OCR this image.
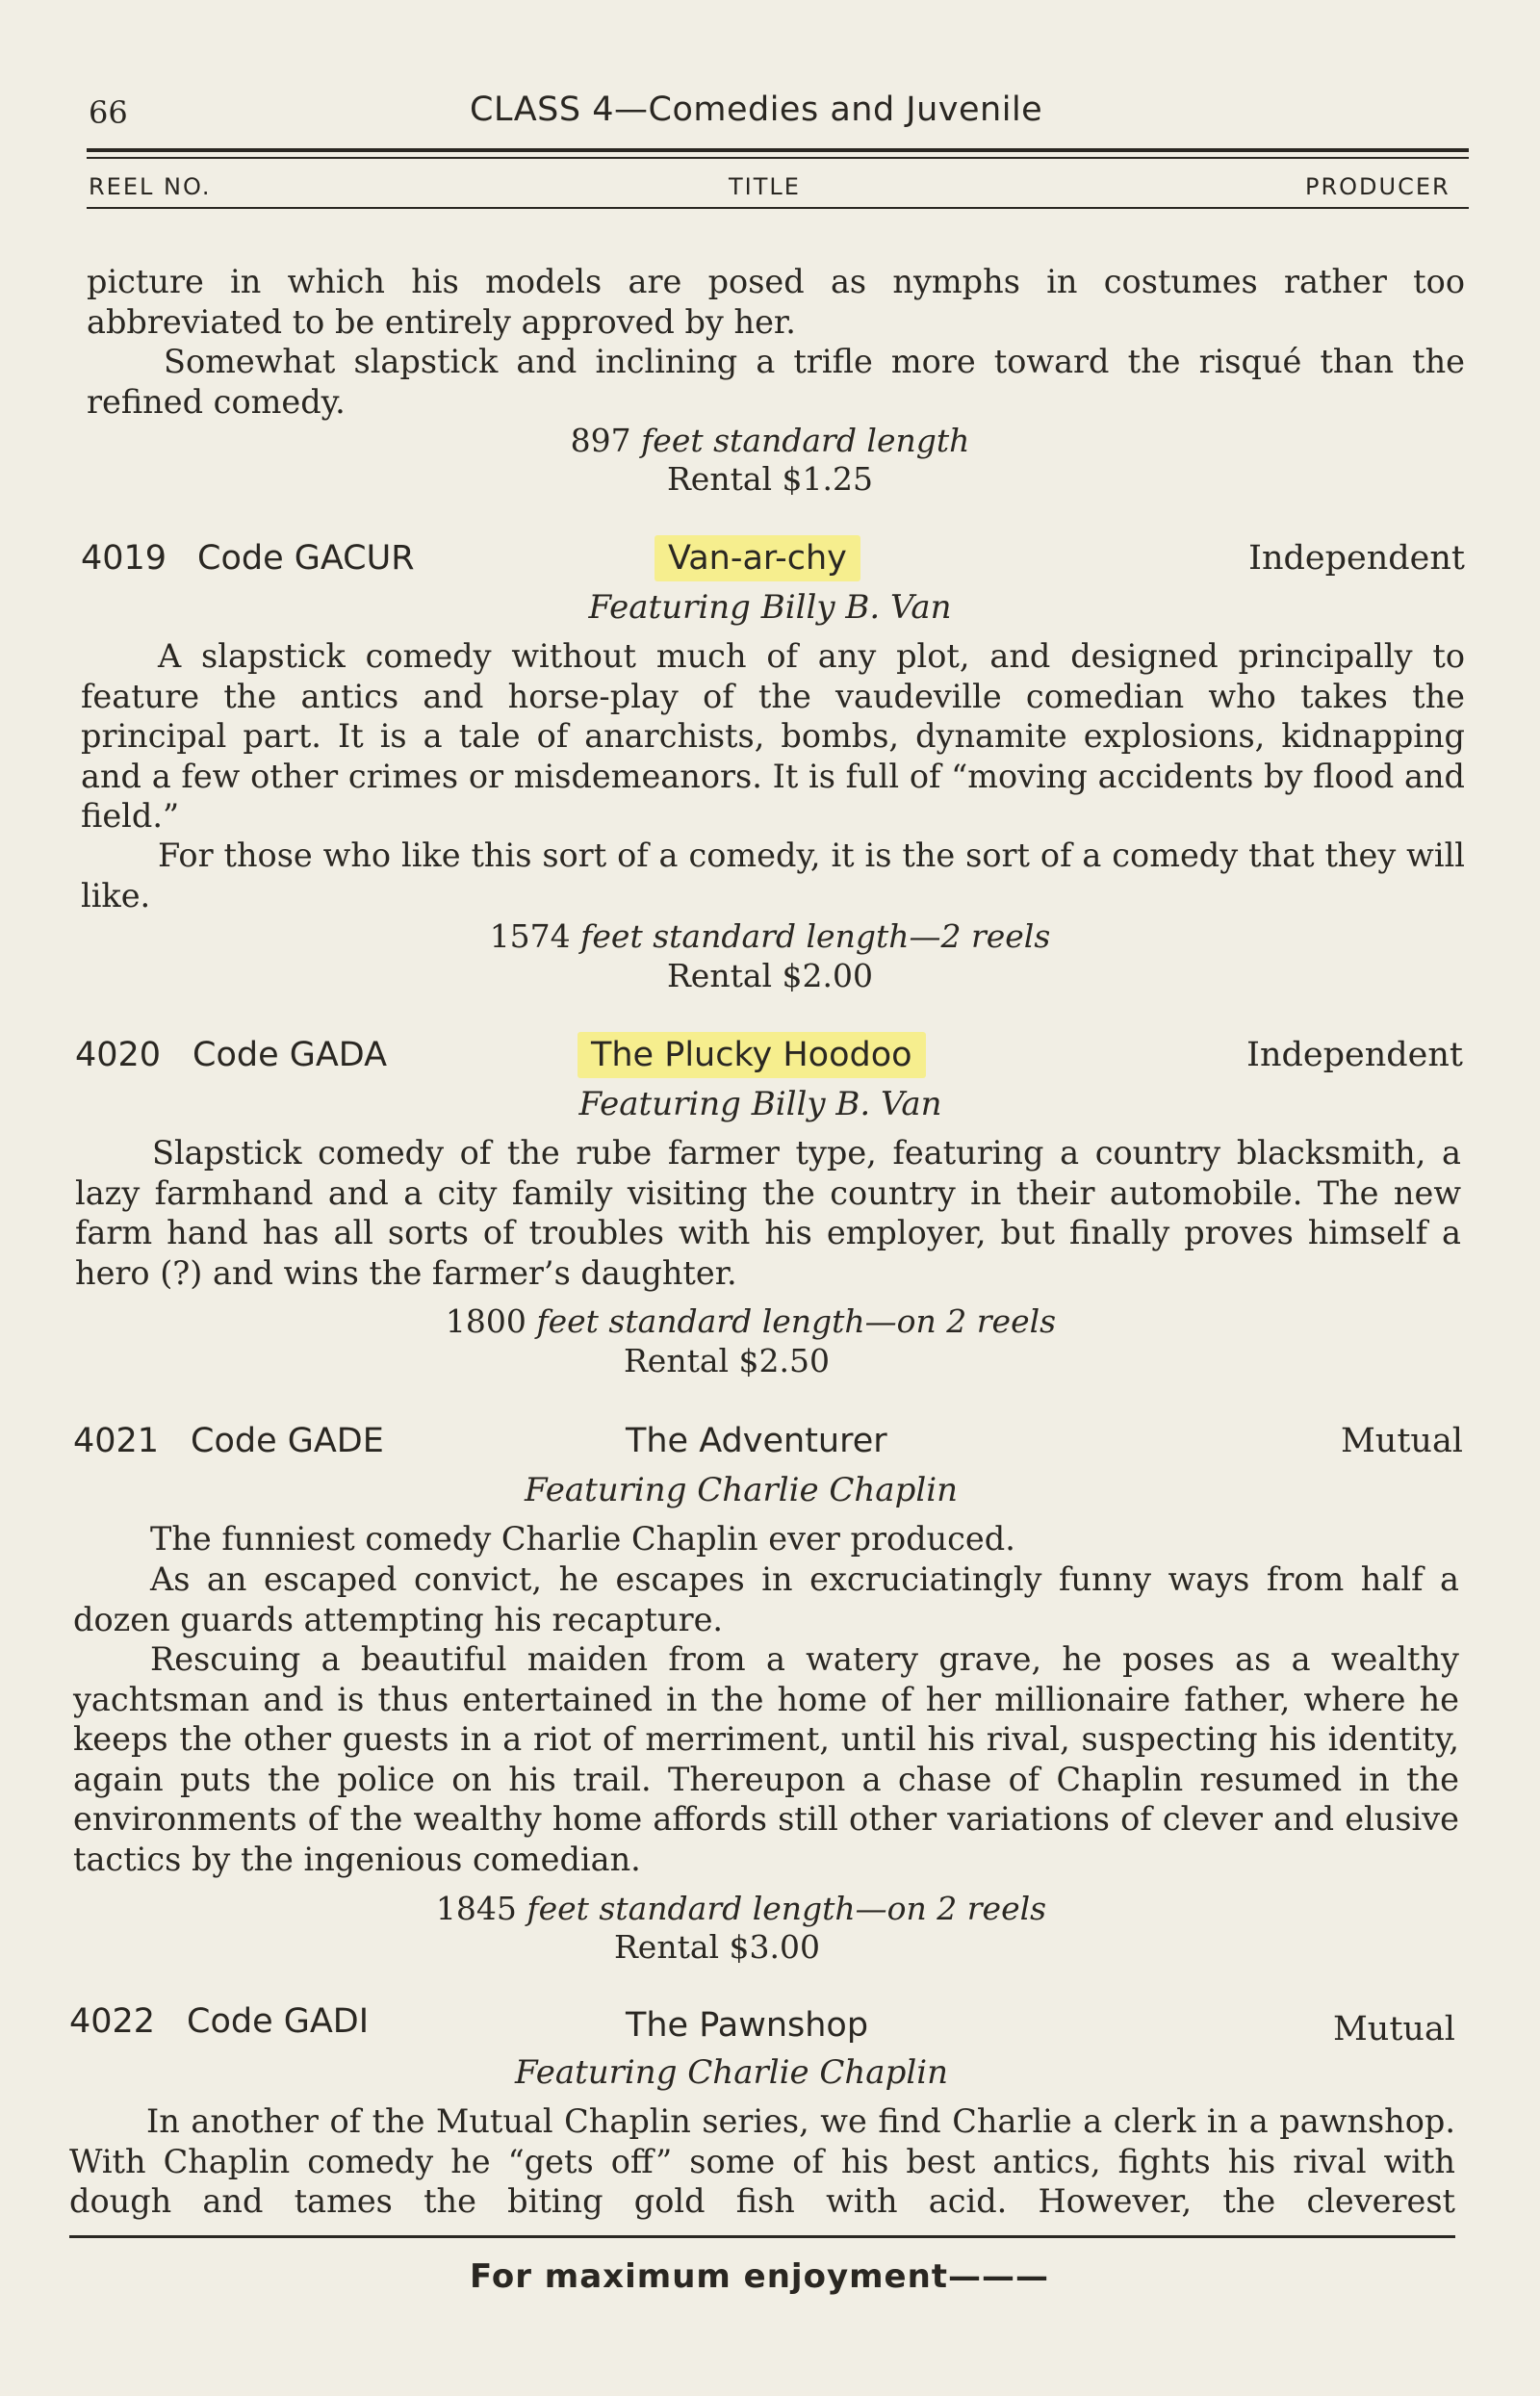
66	CLASS 4—Comedies and Juvenile
REEL NO.	TITLE	PRODUCER

picture in which his models are posed as nymphs in costumes rather too abbreviated to be entirely approved by her.

Somewhat slapstick and inclining a trifle more toward the risqué than the refined comedy.

897 feet standard length
Rental $1.25
4019 Code GACUR	Van-ar-chy	Independent
Featuring Billy B. Van

A slapstick comedy without much of any plot, and designed principally to feature the antics and horse-play of the vaudeville comedian who takes the principal part. It is a tale of anarchists, bombs, dynamite explosions, kidnapping and a few other crimes or misdemeanors. It is full of “moving accidents by flood and field.”

For those who like this sort of a comedy, it is the sort of a comedy that they will like.

1574 feet standard length—2 reels
Rental $2.00
4020 Code GADA	The Plucky Hoodoo	Independent
Featuring Billy B. Van

Slapstick comedy of the rube farmer type, featuring a country blacksmith, a lazy farmhand and a city family visiting the country in their automobile. The new farm hand has all sorts of troubles with his employer, but finally proves himself a hero (?) and wins the farmer’s daughter.

1800 feet standard length—on 2 reels
Rental $2.50
4021 Code GADE	The Adventurer	Mutual
Featuring Charlie Chaplin

The funniest comedy Charlie Chaplin ever produced.

As an escaped convict, he escapes in excruciatingly funny ways from half a dozen guards attempting his recapture.

Rescuing a beautiful maiden from a watery grave, he poses as a wealthy yachtsman and is thus entertained in the home of her millionaire father, where he keeps the other guests in a riot of merriment, until his rival, suspecting his identity, again puts the police on his trail. Thereupon a chase of Chaplin resumed in the environments of the wealthy home affords still other variations of clever and elusive tactics by the ingenious comedian.

1845 feet standard length—on 2 reels
Rental $3.00
4022 Code GADI	The Pawnshop	Mutual
Featuring Charlie Chaplin

In another of the Mutual Chaplin series, we find Charlie a clerk in a pawnshop. With Chaplin comedy he “gets off” some of his best antics, fights his rival with dough and tames the biting gold fish with acid. However, the cleverest

For maximum enjoyment———
